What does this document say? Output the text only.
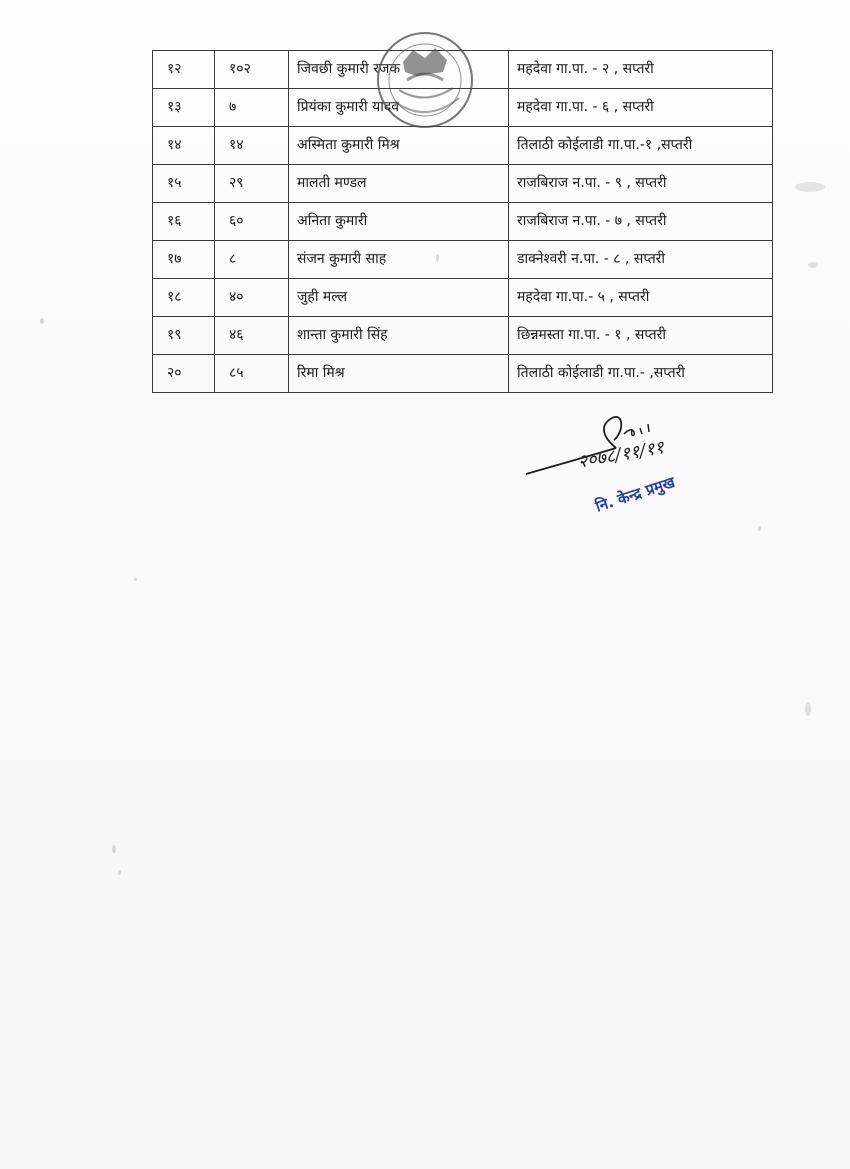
१२	१०२	जिवछी कुमारी रजक	महदेवा गा.पा. - २ , सप्तरी
१३	७	प्रियंका कुमारी यादव	महदेवा गा.पा. - ६ , सप्तरी
१४	१४	अस्मिता कुमारी मिश्र	तिलाठी कोईलाडी गा.पा.-१ ,सप्तरी
१५	२९	मालती मण्डल	राजबिराज न.पा. - ९ , सप्तरी
१६	६०	अनिता कुमारी	राजबिराज न.पा. - ७ , सप्तरी
१७	८	संजन कुमारी साह	डाक्नेश्वरी न.पा. - ८ , सप्तरी
१८	४०	जुही मल्ल	महदेवा गा.पा.- ५ , सप्तरी
१९	४६	शान्ता कुमारी सिंह	छिन्नमस्ता गा.पा. - १ , सप्तरी
२०	८५	रिमा मिश्र	तिलाठी कोईलाडी गा.पा.- ,सप्तरी
२०७८/११/११
नि. केन्द्र प्रमुख
